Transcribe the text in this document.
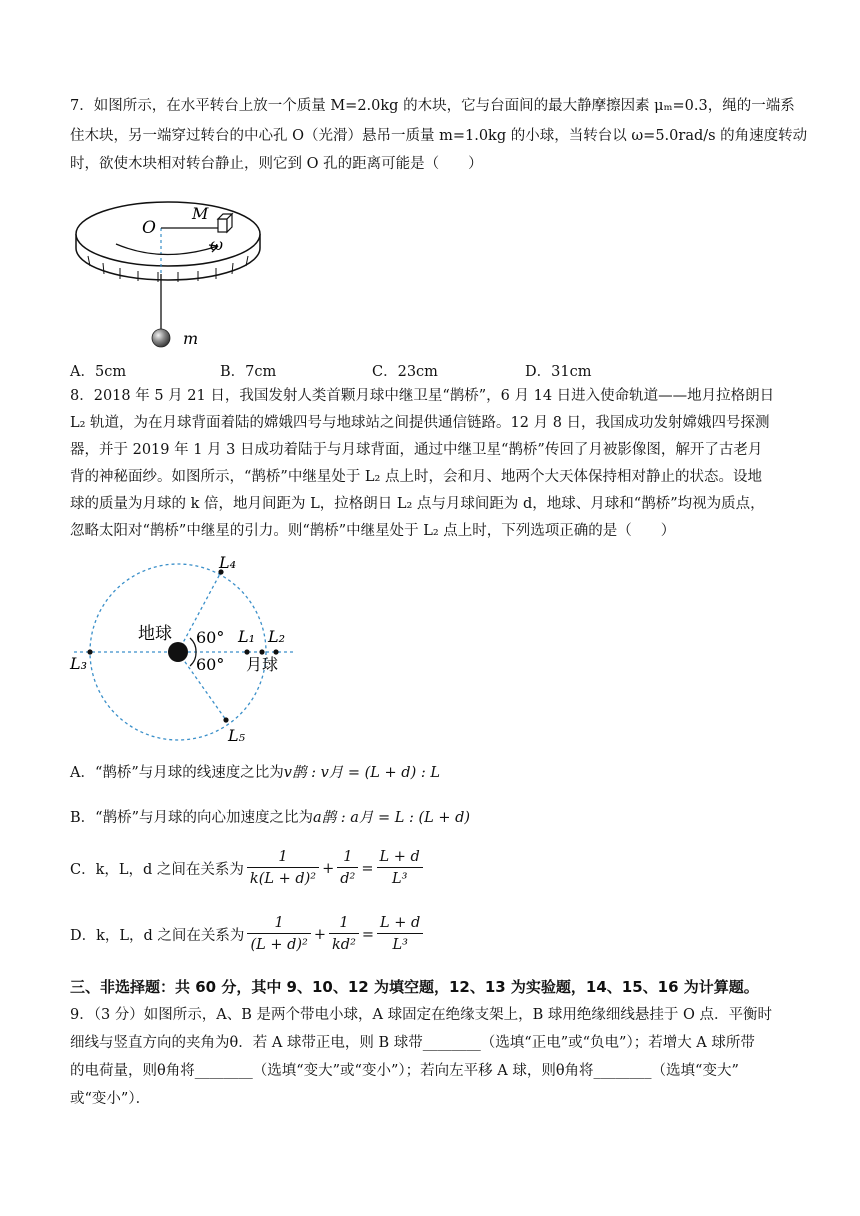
7．如图所示，在水平转台上放一个质量 M=2.0kg 的木块，它与台面间的最大静摩擦因素 μₘ=0.3，绳的一端系
住木块，另一端穿过转台的中心孔 O（光滑）悬吊一质量 m=1.0kg 的小球，当转台以 ω=5.0rad/s 的角速度转动
时，欲使木块相对转台静止，则它到 O 孔的距离可能是（　　）
O
M
ω
m
A．5cm	B．7cm	C．23cm	D．31cm
8．2018 年 5 月 21 日，我国发射人类首颗月球中继卫星“鹊桥”，6 月 14 日进入使命轨道——地月拉格朗日
L₂ 轨道，为在月球背面着陆的嫦娥四号与地球站之间提供通信链路。12 月 8 日，我国成功发射嫦娥四号探测
器，并于 2019 年 1 月 3 日成功着陆于与月球背面，通过中继卫星“鹊桥”传回了月被影像图，解开了古老月
背的神秘面纱。如图所示，“鹊桥”中继星处于 L₂ 点上时，会和月、地两个大天体保持相对静止的状态。设地
球的质量为月球的 k 倍，地月间距为 L，拉格朗日 L₂ 点与月球间距为 d，地球、月球和“鹊桥”均视为质点，
忽略太阳对“鹊桥”中继星的引力。则“鹊桥”中继星处于 L₂ 点上时，下列选项正确的是（　　）
地球 60°
60°
L₁ L₂
月球
L₃
L₄
L₅
A．“鹊桥”与月球的线速度之比为v鹊 : v月 = (L + d) : L
B．“鹊桥”与月球的向心加速度之比为a鹊 : a月 = L : (L + d)
C．k，L，d 之间在关系为 $\frac{1}{\text{k(L + d)²}} + \frac{1}{\text{d²}} = \frac{L + d}{\text{L³}}$
D．k，L，d 之间在关系为 $\frac{1}{\text{(L + d)²}} + \frac{1}{\text{kd²}} = \frac{L + d}{\text{L³}}$
三、非选择题：共 60 分，其中 9、10、12 为填空题，12、13 为实验题，14、15、16 为计算题。
9．（3 分）如图所示，A、B 是两个带电小球，A 球固定在绝缘支架上，B 球用绝缘细线悬挂于 O 点．平衡时
细线与竖直方向的夹角为θ．若 A 球带正电，则 B 球带________（选填“正电”或“负电”）；若增大 A 球所带
的电荷量，则θ角将________（选填“变大”或“变小”）；若向左平移 A 球，则θ角将________（选填“变大”
或“变小”）．
